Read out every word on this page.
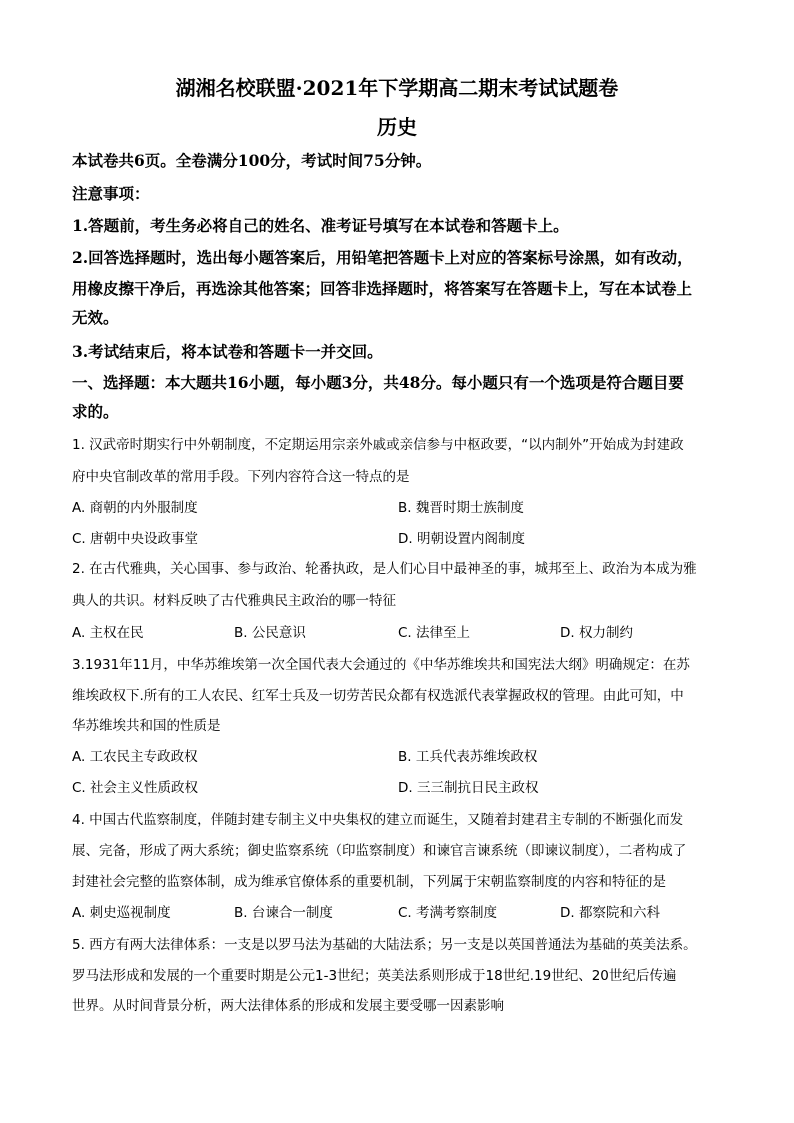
湖湘名校联盟·2021年下学期高二期末考试试题卷
历史
本试卷共6页。全卷满分100分，考试时间75分钟。
注意事项：
1.答题前，考生务必将自己的姓名、准考证号填写在本试卷和答题卡上。
2.回答选择题时，选出每小题答案后，用铅笔把答题卡上对应的答案标号涂黑，如有改动，
用橡皮擦干净后，再选涂其他答案；回答非选择题时，将答案写在答题卡上，写在本试卷上
无效。
3.考试结束后，将本试卷和答题卡一并交回。
一、选择题：本大题共16小题，每小题3分，共48分。每小题只有一个选项是符合题目要
求的。
1. 汉武帝时期实行中外朝制度，不定期运用宗亲外戚或亲信参与中枢政要，“以内制外”开始成为封建政
府中央官制改革的常用手段。下列内容符合这一特点的是
A. 商朝的内外服制度	B. 魏晋时期士族制度
C. 唐朝中央设政事堂	D. 明朝设置内阁制度
2. 在古代雅典，关心国事、参与政治、轮番执政，是人们心目中最神圣的事，城邦至上、政治为本成为雅
典人的共识。材料反映了古代雅典民主政治的哪一特征
A. 主权在民	B. 公民意识	C. 法律至上	D. 权力制约
3.1931年11月，中华苏维埃第一次全国代表大会通过的《中华苏维埃共和国宪法大纲》明确规定：在苏
维埃政权下.所有的工人农民、红军士兵及一切劳苦民众都有权选派代表掌握政权的管理。由此可知，中
华苏维埃共和国的性质是
A. 工农民主专政政权	B. 工兵代表苏维埃政权
C. 社会主义性质政权	D. 三三制抗日民主政权
4. 中国古代监察制度，伴随封建专制主义中央集权的建立而诞生，又随着封建君主专制的不断强化而发
展、完备，形成了两大系统；御史监察系统（印监察制度）和谏官言谏系统（即谏议制度），二者构成了
封建社会完整的监察体制，成为维承官僚体系的重要机制，下列属于宋朝监察制度的内容和特征的是
A. 刺史巡视制度	B. 台谏合一制度	C. 考满考察制度	D. 都察院和六科
5. 西方有两大法律体系：一支是以罗马法为基础的大陆法系；另一支是以英国普通法为基础的英美法系。
罗马法形成和发展的一个重要时期是公元1-3世纪；英美法系则形成于18世纪.19世纪、20世纪后传遍
世界。从时间背景分析，两大法律体系的形成和发展主要受哪一因素影响
